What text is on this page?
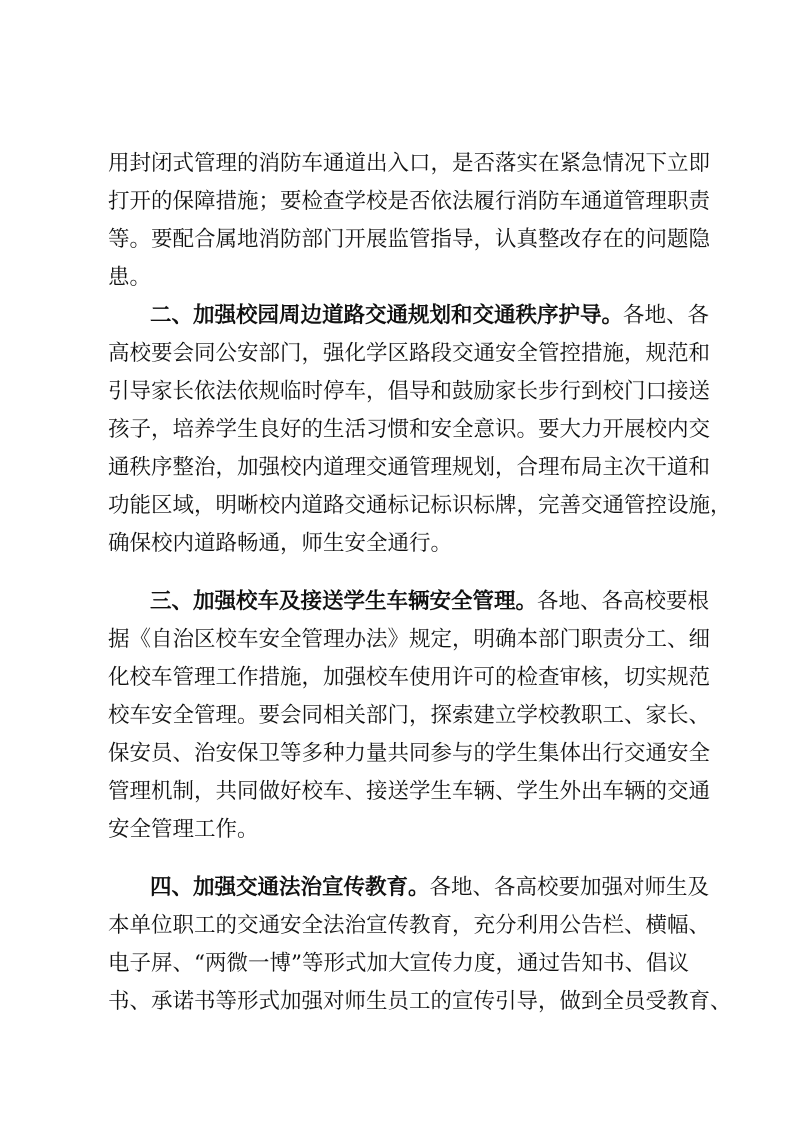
用封闭式管理的消防车通道出入口，是否落实在紧急情况下立即
打开的保障措施；要检查学校是否依法履行消防车通道管理职责
等。要配合属地消防部门开展监管指导，认真整改存在的问题隐
患。
二、加强校园周边道路交通规划和交通秩序护导。各地、各
高校要会同公安部门，强化学区路段交通安全管控措施，规范和
引导家长依法依规临时停车，倡导和鼓励家长步行到校门口接送
孩子，培养学生良好的生活习惯和安全意识。要大力开展校内交
通秩序整治，加强校内道理交通管理规划，合理布局主次干道和
功能区域，明晰校内道路交通标记标识标牌，完善交通管控设施，
确保校内道路畅通，师生安全通行。
三、加强校车及接送学生车辆安全管理。各地、各高校要根
据《自治区校车安全管理办法》规定，明确本部门职责分工、细
化校车管理工作措施，加强校车使用许可的检查审核，切实规范
校车安全管理。要会同相关部门，探索建立学校教职工、家长、
保安员、治安保卫等多种力量共同参与的学生集体出行交通安全
管理机制，共同做好校车、接送学生车辆、学生外出车辆的交通
安全管理工作。
四、加强交通法治宣传教育。各地、各高校要加强对师生及
本单位职工的交通安全法治宣传教育，充分利用公告栏、横幅、
电子屏、“两微一博”等形式加大宣传力度，通过告知书、倡议
书、承诺书等形式加强对师生员工的宣传引导，做到全员受教育、
